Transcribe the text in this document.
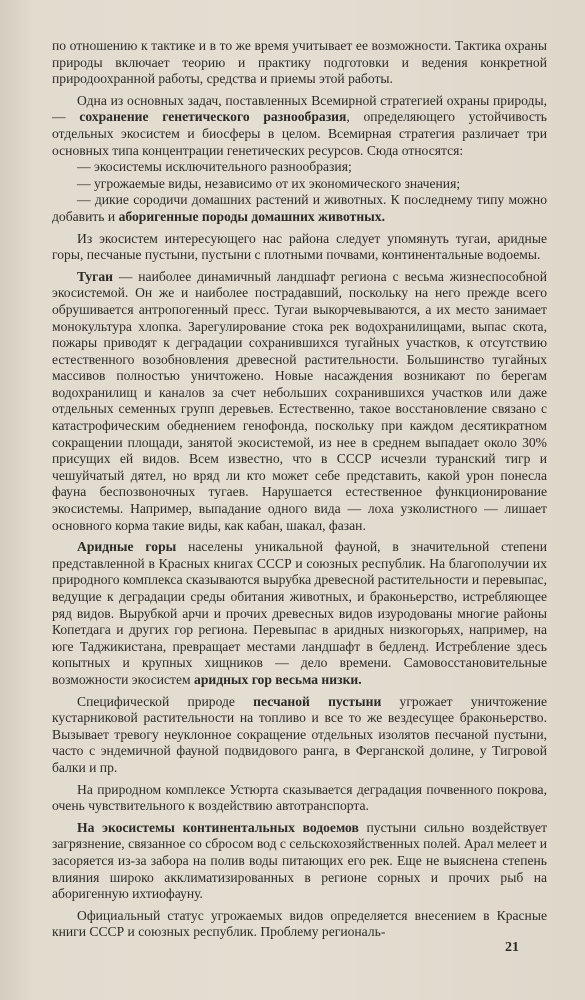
по отношению к тактике и в то же время учитывает ее возможности. Тактика охраны природы включает теорию и практику подготовки и ведения конкретной природоохранной работы, средства и приемы этой работы.

Одна из основных задач, поставленных Всемирной стратегией охраны природы,— сохранение генетического разнообразия, определяющего устойчивость отдельных экосистем и биосферы в целом. Всемирная стратегия различает три основных типа концентрации генетических ресурсов. Сюда относятся:

— экосистемы исключительного разнообразия;

— угрожаемые виды, независимо от их экономического значения;

— дикие сородичи домашних растений и животных. К последнему типу можно добавить и аборигенные породы домашних животных.

Из экосистем интересующего нас района следует упомянуть тугаи, аридные горы, песчаные пустыни, пустыни с плотными почвами, континентальные водоемы.

Тугаи — наиболее динамичный ландшафт региона с весьма жизнеспособной экосистемой. Он же и наиболее пострадавший, поскольку на него прежде всего обрушивается антропогенный пресс. Тугаи выкорчевываются, а их место занимает монокультура хлопка. Зарегулирование стока рек водохранилищами, выпас скота, пожары приводят к деградации сохранившихся тугайных участков, к отсутствию естественного возобновления древесной растительности. Большинство тугайных массивов полностью уничтожено. Новые насаждения возникают по берегам водохранилищ и каналов за счет небольших сохранившихся участков или даже отдельных семенных групп деревьев. Естественно, такое восстановление связано с катастрофическим обеднением генофонда, поскольку при каждом десятикратном сокращении площади, занятой экосистемой, из нее в среднем выпадает около 30% присущих ей видов. Всем известно, что в СССР исчезли туранский тигр и чешуйчатый дятел, но вряд ли кто может себе представить, какой урон понесла фауна беспозвоночных тугаев. Нарушается естественное функционирование экосистемы. Например, выпадание одного вида — лоха узколистного — лишает основного корма такие виды, как кабан, шакал, фазан.

Аридные горы населены уникальной фауной, в значительной степени представленной в Красных книгах СССР и союзных республик. На благополучии их природного комплекса сказываются вырубка древесной растительности и перевыпас, ведущие к деградации среды обитания животных, и браконьерство, истребляющее ряд видов. Вырубкой арчи и прочих древесных видов изуродованы многие районы Копетдага и других гор региона. Перевыпас в аридных низкогорьях, например, на юге Таджикистана, превращает местами ландшафт в бедленд. Истребление здесь копытных и крупных хищников — дело времени. Самовосстановительные возможности экосистем аридных гор весьма низки.

Специфической природе песчаной пустыни угрожает уничтожение кустарниковой растительности на топливо и все то же вездесущее браконьерство. Вызывает тревогу неуклонное сокращение отдельных изолятов песчаной пустыни, часто с эндемичной фауной подвидового ранга, в Ферганской долине, у Тигровой балки и пр.

На природном комплексе Устюрта сказывается деградация почвенного покрова, очень чувствительного к воздействию автотранспорта.

На экосистемы континентальных водоемов пустыни сильно воздействует загрязнение, связанное со сбросом вод с сельскохозяйственных полей. Арал мелеет и засоряется из-за забора на полив воды питающих его рек. Еще не выяснена степень влияния широко акклиматизированных в регионе сорных и прочих рыб на аборигенную ихтиофауну.

Официальный статус угрожаемых видов определяется внесением в Красные книги СССР и союзных республик. Проблему региональ-

21
